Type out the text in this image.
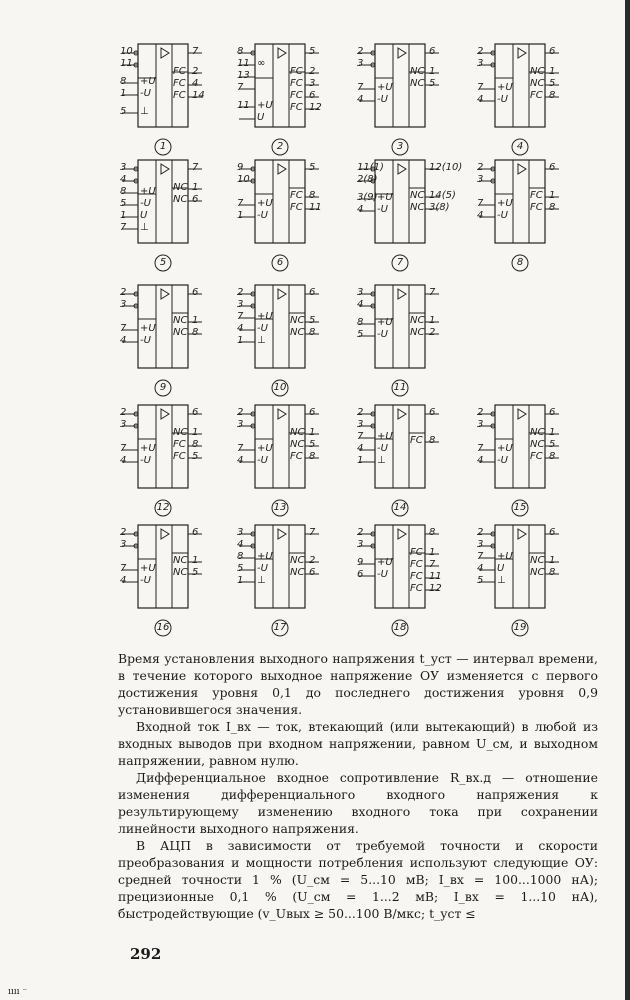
10
11
8 +U
1 -U
5 ⊥
7
2
FC
4
FC
14
FC
1
8
11 ∞
13
7
11 +U
U
5
2
FC
3
FC
6
FC
12
FC
2
2
3
7 +U
4 -U
6
1
NC
5
NC
3
2
3
7 +U
4 -U
6
1
NC
5
NC
8
FC
4
3
4
8 +U
5 -U
1 U
7 ⊥
7
1
NC
6
NC
5
9
10
7 +U
1 -U
5
8
FC
11
FC
6
11(1)
2(8)
3(9) +U
4 -U
12(10)
14(5)
NC
3(8)
NC
7
2
3
7 +U
4 -U
6
1
FC
8
FC
8
2
3
7 +U
4 -U
6
1
NC
8
NC
9
2
3
7 +U
4 -U
1 ⊥
6
5
NC
8
NC
10
3
4
8 +U
5 -U
7
1
NC
2
NC
11
2
3
7 +U
4 -U
6
1
NC
8
FC
5
FC
12
2
3
7 +U
4 -U
6
1
NC
5
NC
8
FC
13
2
3
7 +U
4 -U
1 ⊥
6
8
FC
14
2
3
7 +U
4 -U
6
1
NC
5
NC
8
FC
15
2
3
7 +U
4 -U
6
1
NC
5
NC
16
3
4
8 +U
5 -U
1 ⊥
7
2
NC
6
NC
17
2
3
9 +U
6 -U
8
1
FC
7
FC
11
FC
12
FC
18
2
3
7 +U
4 U
5 ⊥
6
1
NC
8
NC
19

Время установления выходного напряжения t_уст — интервал времени, в течение которого выходное напряжение ОУ изменяется с первого достижения уровня 0,1 до последнего достижения уровня 0,9 установившегося значения.

Входной ток I_вх — ток, втекающий (или вытекающий) в любой из входных выводов при входном напряжении, равном U_см, и выходном напряжении, равном нулю.

Дифференциальное входное сопротивление R_вх.д — отношение изменения дифференциального входного напряжения к результирующему изменению входного тока при сохранении линейности выходного напряжения.

В АЦП в зависимости от требуемой точности и скорости преобразования и мощности потребления используют следующие ОУ: средней точности 1 % (U_см = 5...10 мВ; I_вх = 100...1000 нА); прецизионные 0,1 % (U_см = 1...2 мВ; I_вх = 1...10 нА), быстродействующие (v_Uвых ≥ 50...100 В/мкс; t_уст ≤

292
ıııı ⁻
